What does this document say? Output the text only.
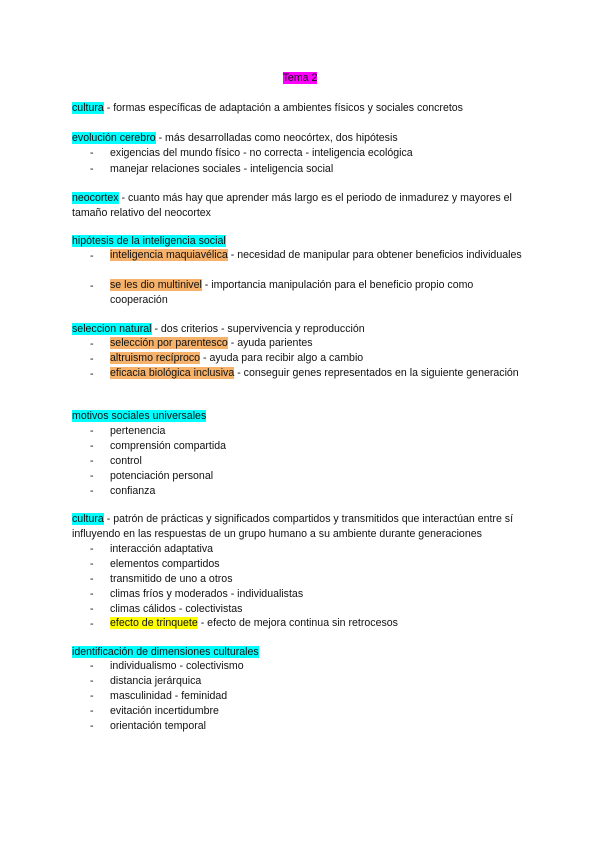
Tema 2
cultura - formas específicas de adaptación a ambientes físicos y sociales concretos
evolución cerebro - más desarrolladas como neocórtex, dos hipótesis
- exigencias del mundo físico - no correcta - inteligencia ecológica
- manejar relaciones sociales - inteligencia social
neocortex - cuanto más hay que aprender más largo es el periodo de inmadurez y mayores el tamaño relativo del neocortex
hipótesis de la inteligencia social
- inteligencia maquiavélica - necesidad de manipular para obtener beneficios individuales
- se les dio multinivel - importancia manipulación para el beneficio propio como cooperación
seleccion natural - dos criterios - supervivencia y reproducción
- selección por parentesco - ayuda parientes
- altruismo recíproco - ayuda para recibir algo a cambio
- eficacia biológica inclusiva - conseguir genes representados en la siguiente generación
motivos sociales universales
- pertenencia
- comprensión compartida
- control
- potenciación personal
- confianza
cultura - patrón de prácticas y significados compartidos y transmitidos que interactúan entre sí influyendo en las respuestas de un grupo humano a su ambiente durante generaciones
- interacción adaptativa
- elementos compartidos
- transmitido de uno a otros
- climas fríos y moderados - individualistas
- climas cálidos - colectivistas
- efecto de trinquete - efecto de mejora continua sin retrocesos
identificación de dimensiones culturales
- individualismo - colectivismo
- distancia jerárquica
- masculinidad - feminidad
- evitación incertidumbre
- orientación temporal
